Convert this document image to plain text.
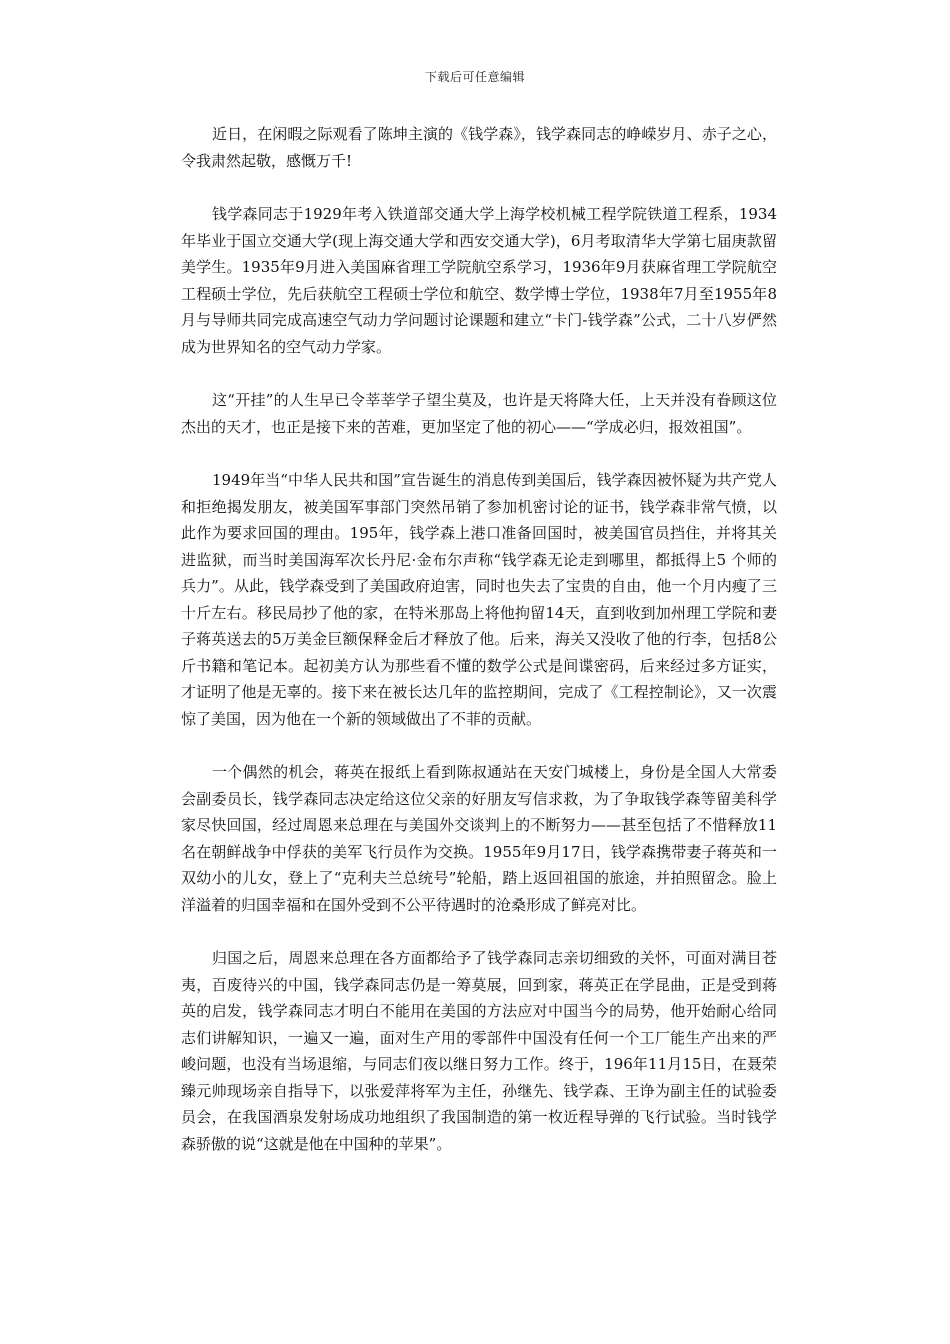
下载后可任意编辑

近日，在闲暇之际观看了陈坤主演的《钱学森》，钱学森同志的峥嵘岁月、赤子之心，令我肃然起敬，感慨万千!

钱学森同志于1929年考入铁道部交通大学上海学校机械工程学院铁道工程系，1934年毕业于国立交通大学(现上海交通大学和西安交通大学)，6月考取清华大学第七届庚款留美学生。1935年9月进入美国麻省理工学院航空系学习，1936年9月获麻省理工学院航空工程硕士学位，先后获航空工程硕士学位和航空、数学博士学位，1938年7月至1955年8月与导师共同完成高速空气动力学问题讨论课题和建立“卡门-钱学森”公式，二十八岁俨然成为世界知名的空气动力学家。

这“开挂”的人生早已令莘莘学子望尘莫及，也许是天将降大任，上天并没有眷顾这位杰出的天才，也正是接下来的苦难，更加坚定了他的初心——“学成必归，报效祖国”。

1949年当“中华人民共和国”宣告诞生的消息传到美国后，钱学森因被怀疑为共产党人和拒绝揭发朋友，被美国军事部门突然吊销了参加机密讨论的证书，钱学森非常气愤，以此作为要求回国的理由。195年，钱学森上港口准备回国时，被美国官员挡住，并将其关进监狱，而当时美国海军次长丹尼·金布尔声称“钱学森无论走到哪里，都抵得上5 个师的兵力”。从此，钱学森受到了美国政府迫害，同时也失去了宝贵的自由，他一个月内瘦了三十斤左右。移民局抄了他的家，在特米那岛上将他拘留14天，直到收到加州理工学院和妻子蒋英送去的5万美金巨额保释金后才释放了他。后来，海关又没收了他的行李，包括8公斤书籍和笔记本。起初美方认为那些看不懂的数学公式是间谍密码，后来经过多方证实，才证明了他是无辜的。接下来在被长达几年的监控期间，完成了《工程控制论》，又一次震惊了美国，因为他在一个新的领域做出了不菲的贡献。

一个偶然的机会，蒋英在报纸上看到陈叔通站在天安门城楼上，身份是全国人大常委会副委员长，钱学森同志决定给这位父亲的好朋友写信求救，为了争取钱学森等留美科学家尽快回国，经过周恩来总理在与美国外交谈判上的不断努力——甚至包括了不惜释放11名在朝鲜战争中俘获的美军飞行员作为交换。1955年9月17日，钱学森携带妻子蒋英和一双幼小的儿女，登上了“克利夫兰总统号”轮船，踏上返回祖国的旅途，并拍照留念。脸上洋溢着的归国幸福和在国外受到不公平待遇时的沧桑形成了鲜亮对比。

归国之后，周恩来总理在各方面都给予了钱学森同志亲切细致的关怀，可面对满目苍夷，百废待兴的中国，钱学森同志仍是一筹莫展，回到家，蒋英正在学昆曲，正是受到蒋英的启发，钱学森同志才明白不能用在美国的方法应对中国当今的局势，他开始耐心给同志们讲解知识，一遍又一遍，面对生产用的零部件中国没有任何一个工厂能生产出来的严峻问题，也没有当场退缩，与同志们夜以继日努力工作。终于，196年11月15日，在聂荣臻元帅现场亲自指导下，以张爱萍将军为主任，孙继先、钱学森、王诤为副主任的试验委员会，在我国酒泉发射场成功地组织了我国制造的第一枚近程导弹的飞行试验。当时钱学森骄傲的说“这就是他在中国种的苹果”。
